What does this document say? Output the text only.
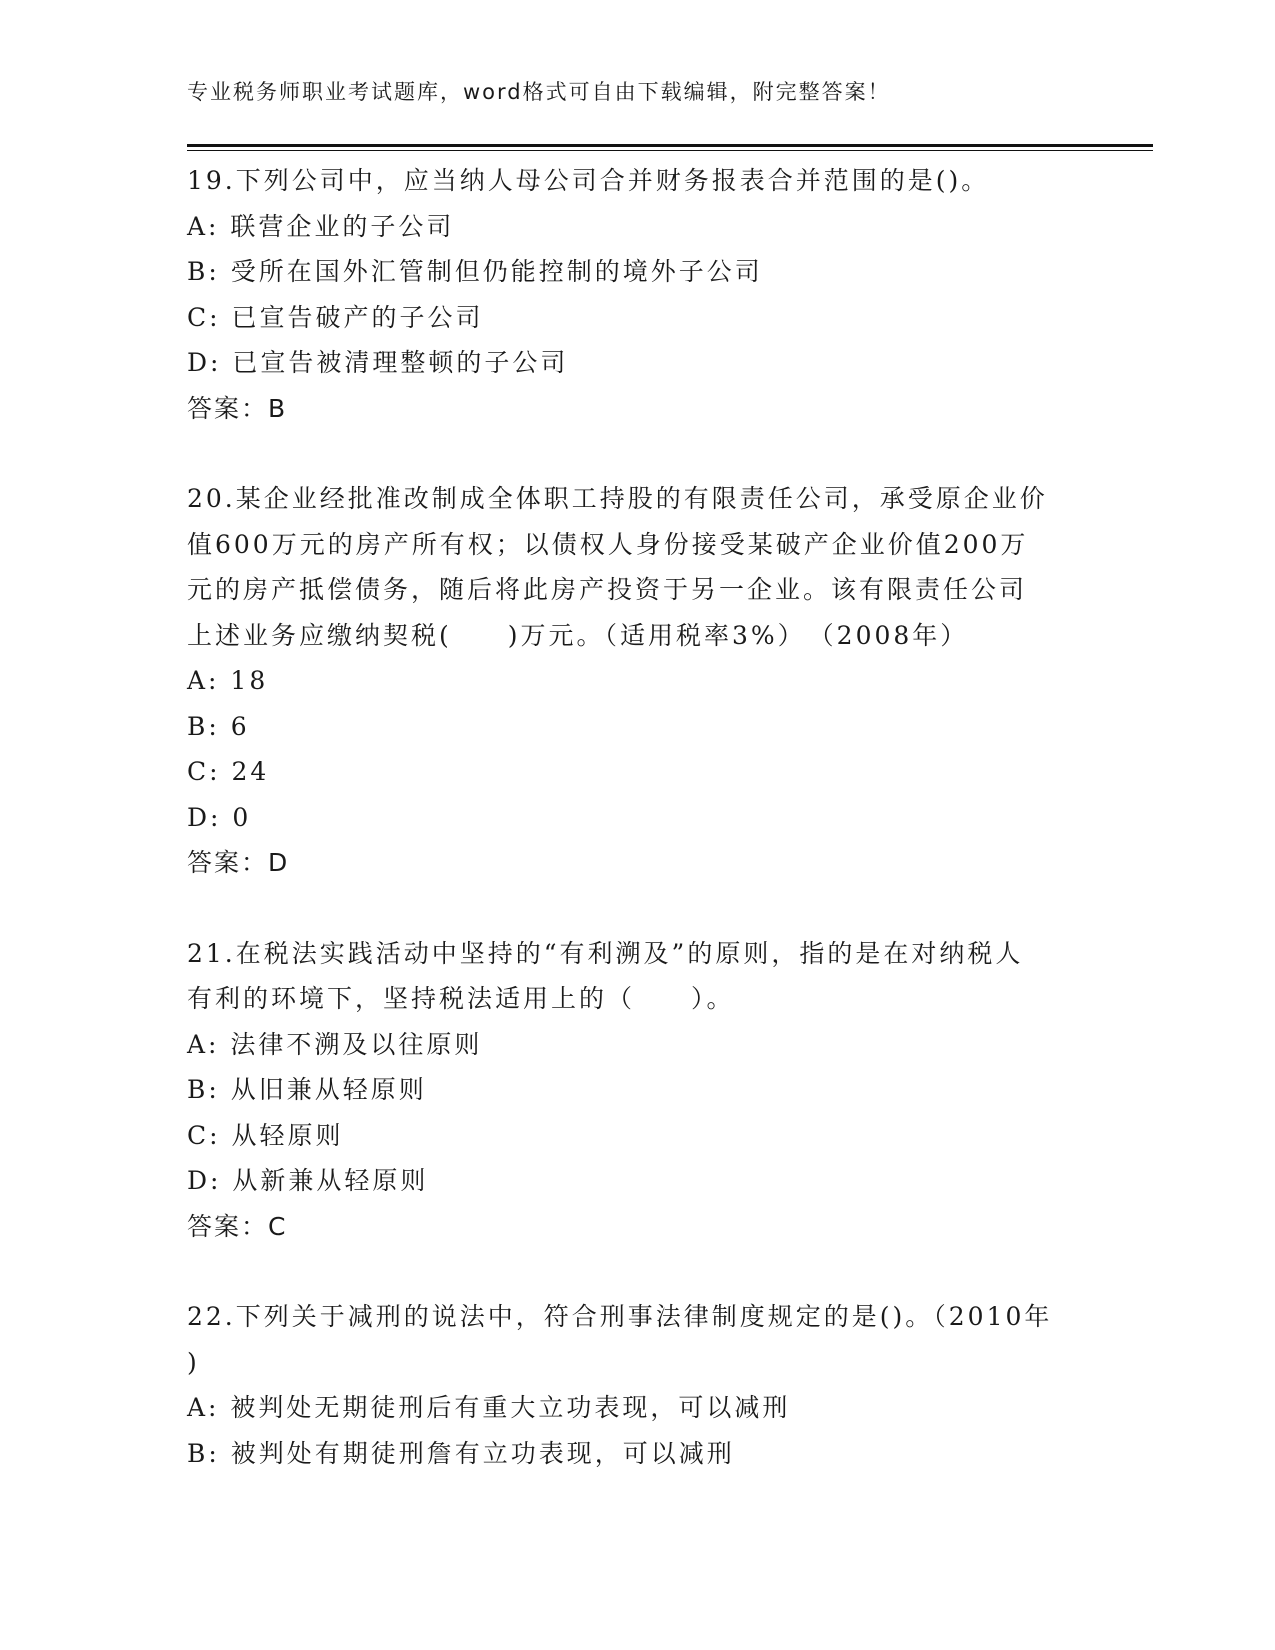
专业税务师职业考试题库，word格式可自由下载编辑，附完整答案！
19.下列公司中，应当纳人母公司合并财务报表合并范围的是()。
A: 联营企业的子公司
B: 受所在国外汇管制但仍能控制的境外子公司
C: 已宣告破产的子公司
D: 已宣告被清理整顿的子公司
答案：B
20.某企业经批准改制成全体职工持股的有限责任公司，承受原企业价
值600万元的房产所有权；以债权人身份接受某破产企业价值200万
元的房产抵偿债务，随后将此房产投资于另一企业。该有限责任公司
上述业务应缴纳契税(　　)万元。（适用税率3%）　（2008年）
A: 18
B: 6
C: 24
D: 0
答案：D
21.在税法实践活动中坚持的“有利溯及”的原则，指的是在对纳税人
有利的环境下，坚持税法适用上的（　　）。
A: 法律不溯及以往原则
B: 从旧兼从轻原则
C: 从轻原则
D: 从新兼从轻原则
答案：C
22.下列关于减刑的说法中，符合刑事法律制度规定的是()。（2010年
)
A: 被判处无期徒刑后有重大立功表现，可以减刑
B: 被判处有期徒刑詹有立功表现，可以减刑
